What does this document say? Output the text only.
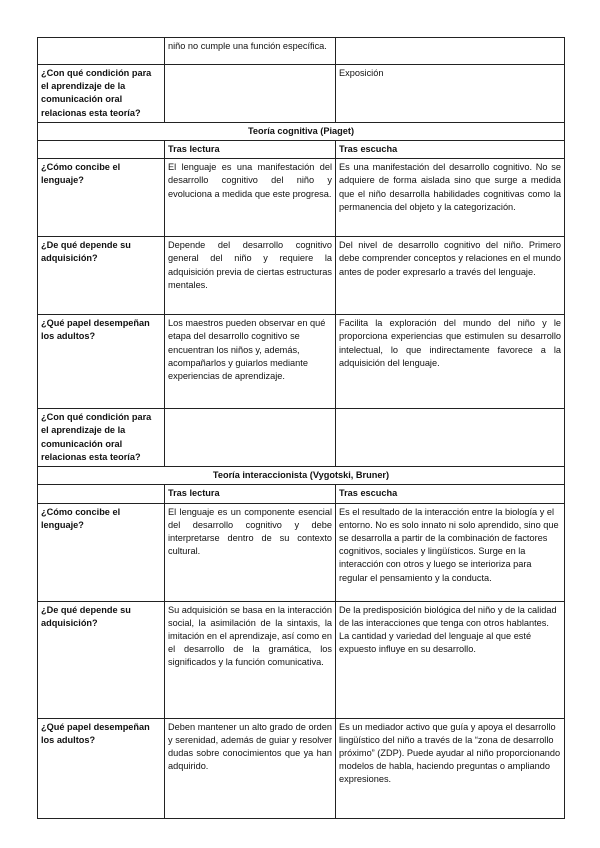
	niño no cumple una función específica.	
¿Con qué condición para el aprendizaje de la comunicación oral relacionas esta teoría?		Exposición
Teoría cognitiva (Piaget)		
	Tras lectura	Tras escucha
¿Cómo concibe el lenguaje?	El lenguaje es una manifestación del desarrollo cognitivo del niño y evoluciona a medida que este progresa.	Es una manifestación del desarrollo cognitivo. No se adquiere de forma aislada sino que surge a medida que el niño desarrolla habilidades cognitivas como la permanencia del objeto y la categorización.
¿De qué depende su adquisición?	Depende del desarrollo cognitivo general del niño y requiere la adquisición previa de ciertas estructuras mentales.	Del nivel de desarrollo cognitivo del niño. Primero debe comprender conceptos y relaciones en el mundo antes de poder expresarlo a través del lenguaje.
¿Qué papel desempeñan los adultos?	Los maestros pueden observar en qué etapa del desarrollo cognitivo se encuentran los niños y, además, acompañarlos y guiarlos mediante experiencias de aprendizaje.	Facilita la exploración del mundo del niño y le proporciona experiencias que estimulen su desarrollo intelectual, lo que indirectamente favorece a la adquisición del lenguaje.
¿Con qué condición para el aprendizaje de la comunicación oral relacionas esta teoría?		
Teoría interaccionista (Vygotski, Bruner)		
	Tras lectura	Tras escucha
¿Cómo concibe el lenguaje?	El lenguaje es un componente esencial del desarrollo cognitivo y debe interpretarse dentro de su contexto cultural.	Es el resultado de la interacción entre la biología y el entorno. No es solo innato ni solo aprendido, sino que se desarrolla a partir de la combinación de factores cognitivos, sociales y lingüísticos. Surge en la interacción con otros y luego se interioriza para regular el pensamiento y la conducta.
¿De qué depende su adquisición?	Su adquisición se basa en la interacción social, la asimilación de la sintaxis, la imitación en el aprendizaje, así como en el desarrollo de la gramática, los significados y la función comunicativa.	De la predisposición biológica del niño y de la calidad de las interacciones que tenga con otros hablantes. La cantidad y variedad del lenguaje al que esté expuesto influye en su desarrollo.
¿Qué papel desempeñan los adultos?	Deben mantener un alto grado de orden y serenidad, además de guiar y resolver dudas sobre conocimientos que ya han adquirido.	Es un mediador activo que guía y apoya el desarrollo lingüístico del niño a través de la “zona de desarrollo próximo” (ZDP). Puede ayudar al niño proporcionando modelos de habla, haciendo preguntas o ampliando expresiones.
